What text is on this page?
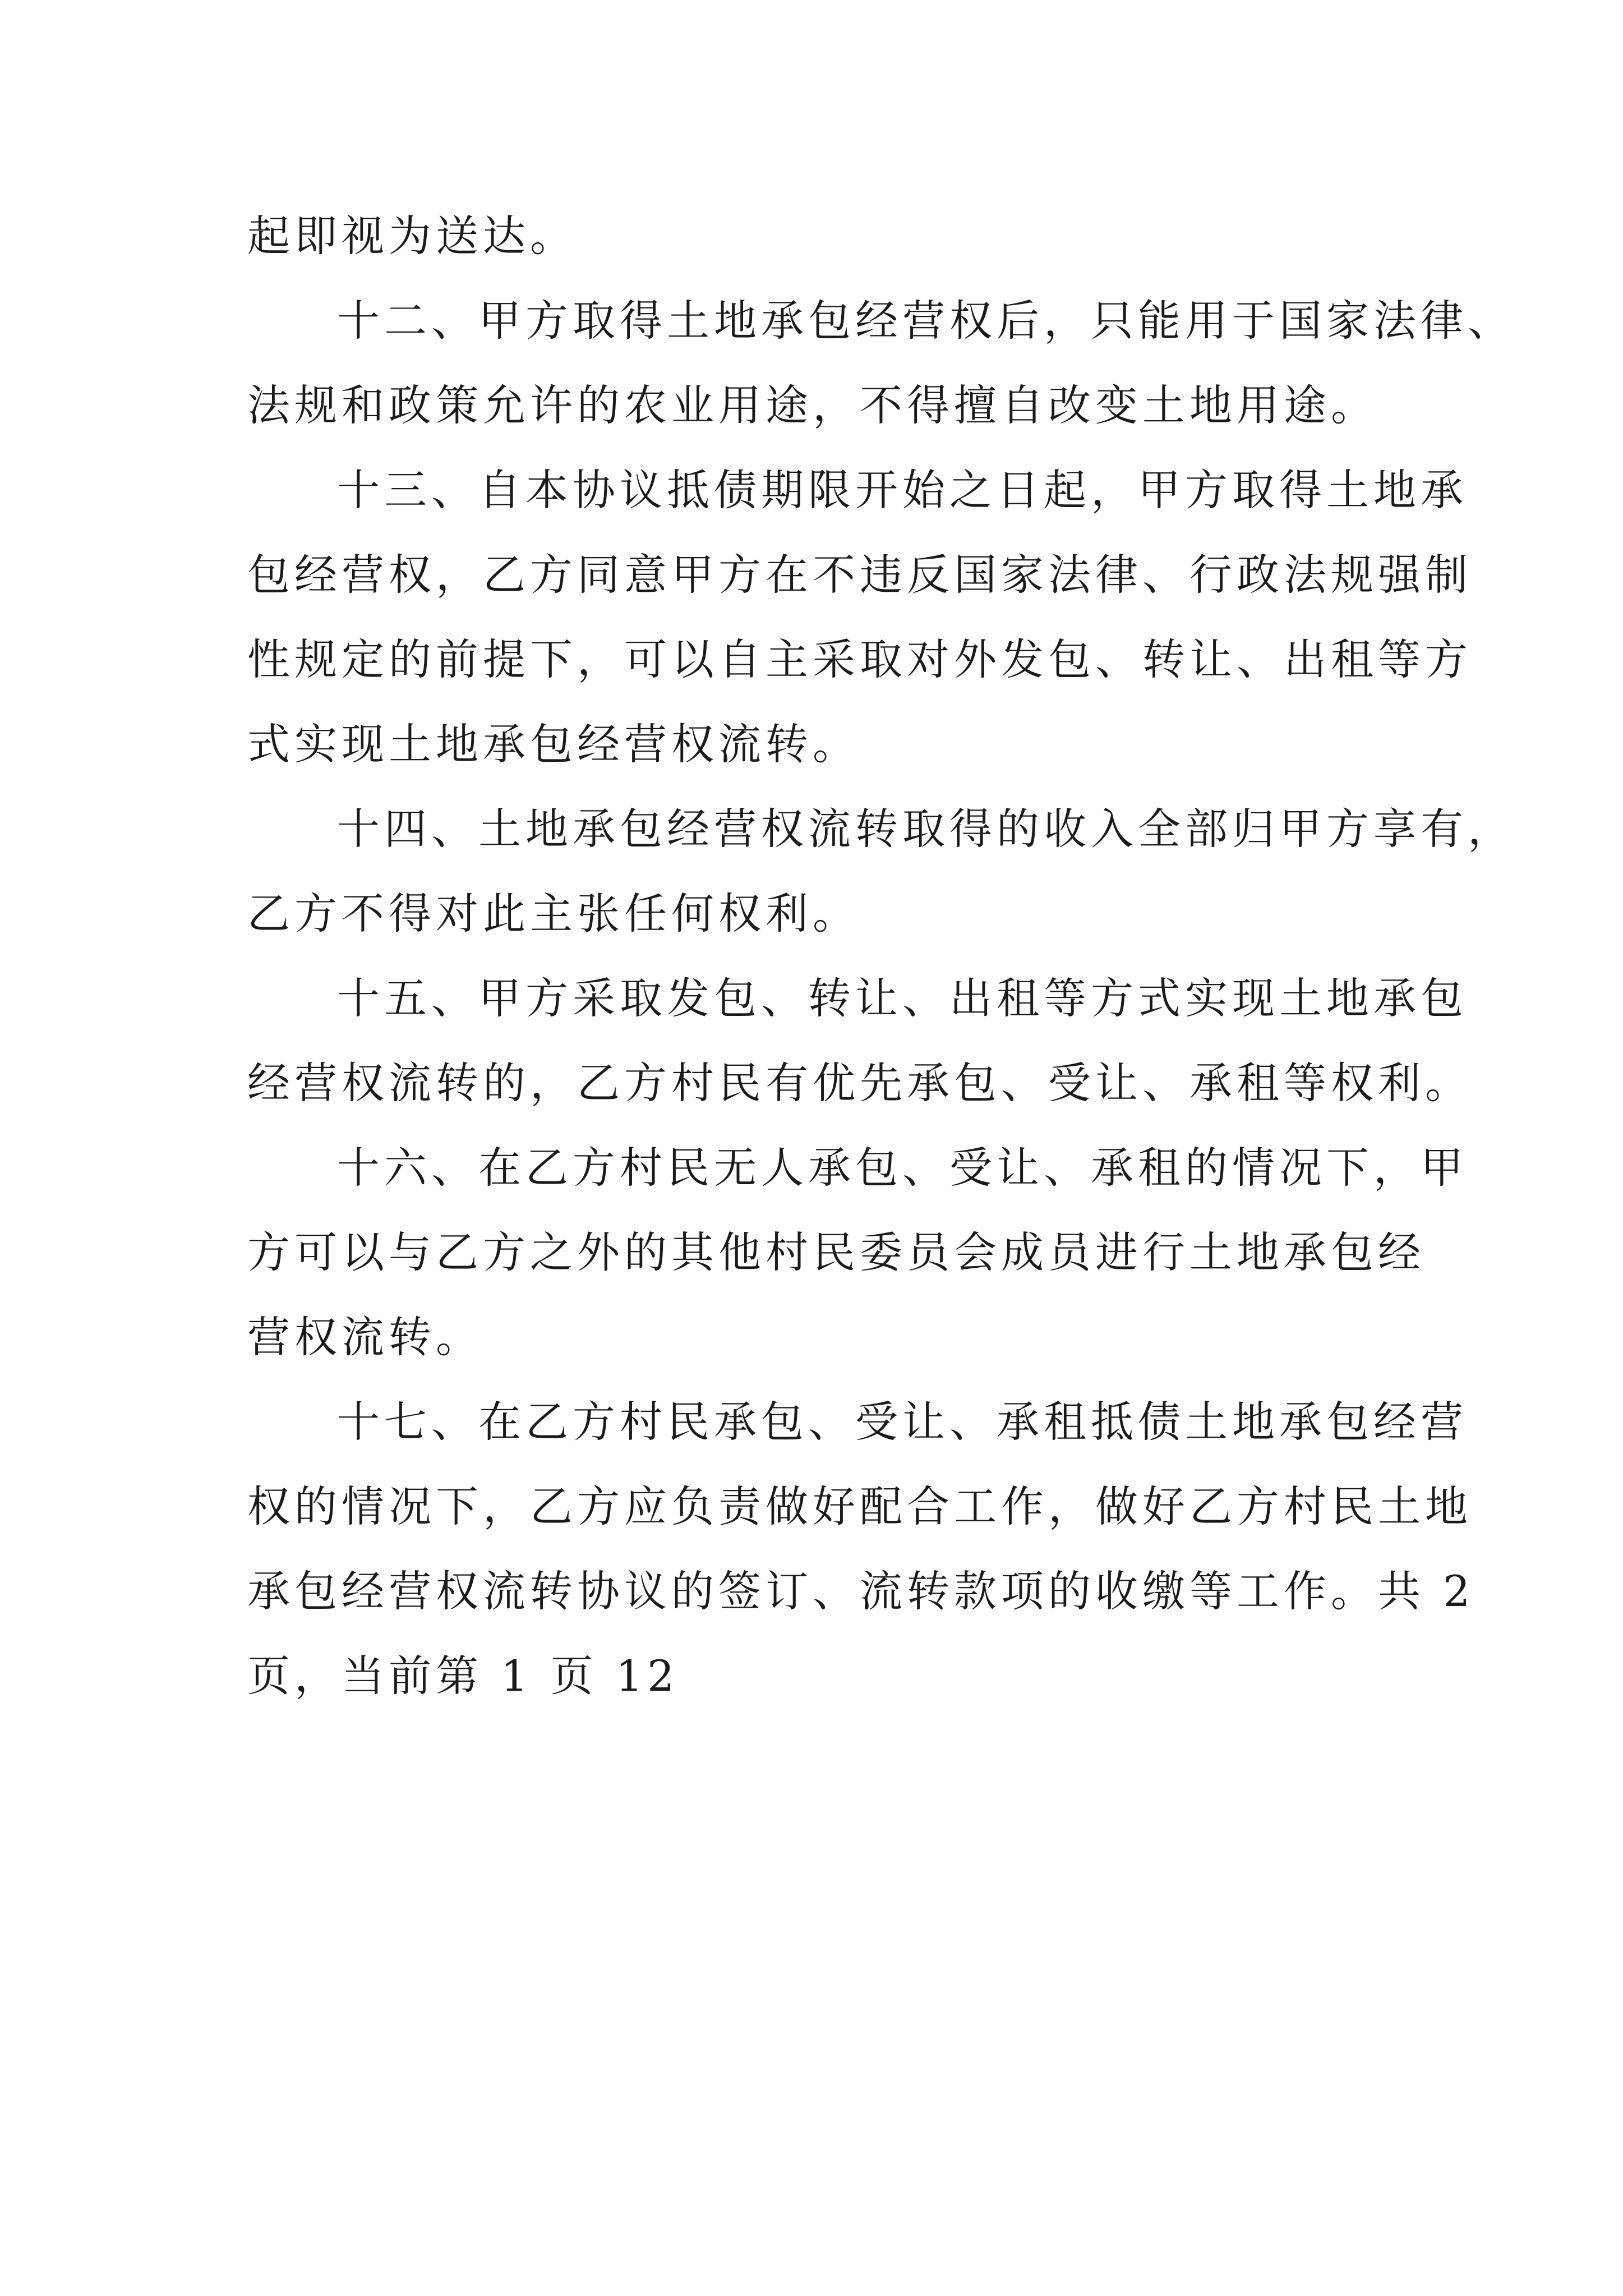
起即视为送达。
十二、甲方取得土地承包经营权后，只能用于国家法律、
法规和政策允许的农业用途，不得擅自改变土地用途。
十三、自本协议抵债期限开始之日起，甲方取得土地承
包经营权，乙方同意甲方在不违反国家法律、行政法规强制
性规定的前提下，可以自主采取对外发包、转让、出租等方
式实现土地承包经营权流转。
十四、土地承包经营权流转取得的收入全部归甲方享有，
乙方不得对此主张任何权利。
十五、甲方采取发包、转让、出租等方式实现土地承包
经营权流转的，乙方村民有优先承包、受让、承租等权利。
十六、在乙方村民无人承包、受让、承租的情况下，甲
方可以与乙方之外的其他村民委员会成员进行土地承包经
营权流转。
十七、在乙方村民承包、受让、承租抵债土地承包经营
权的情况下，乙方应负责做好配合工作，做好乙方村民土地
承包经营权流转协议的签订、流转款项的收缴等工作。共 2
页，当前第 1 页 12
